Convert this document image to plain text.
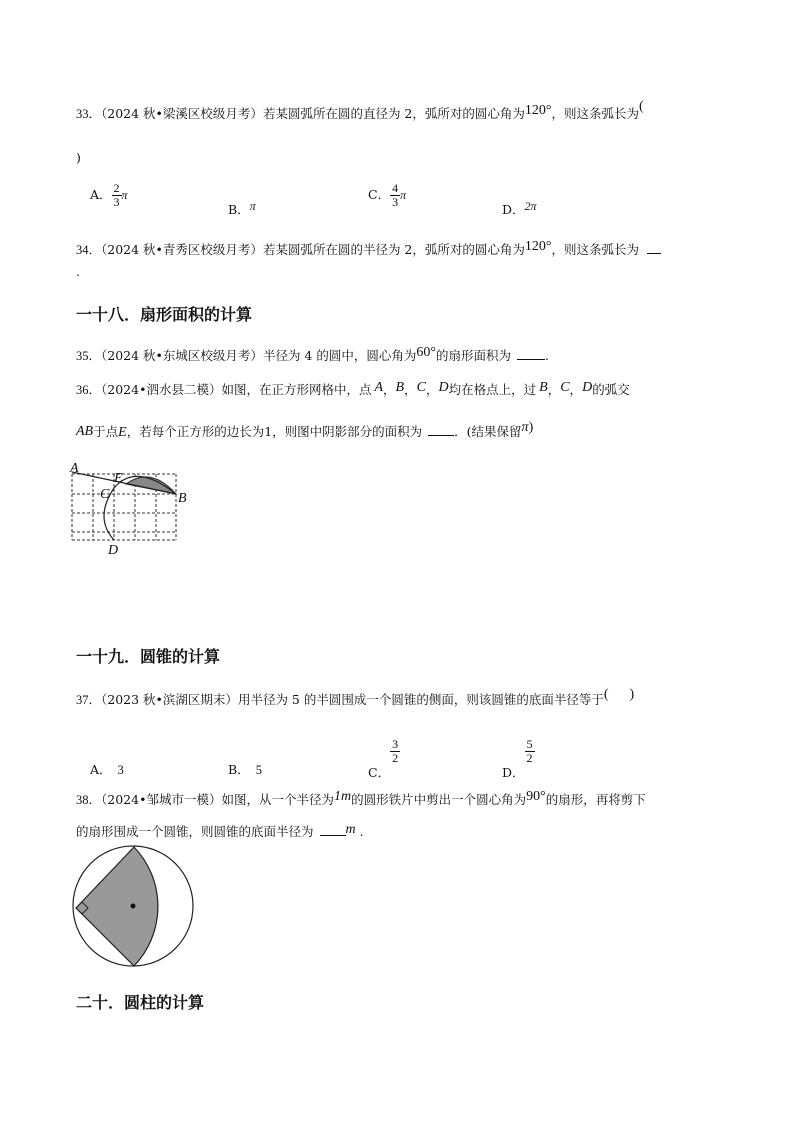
33．（2024 秋•梁溪区校级月考）若某圆弧所在圆的直径为 2，弧所对的圆心角为120°，则这条弧长为(
)
A． $\frac{2}{3}$ π
B．π
C． $\frac{4}{3}$ π
D．2π
34．（2024 秋•青秀区校级月考）若某圆弧所在圆的半径为 2，弧所对的圆心角为120°，则这条弧长为
.
一十八．扇形面积的计算
35．（2024 秋•东城区校级月考）半径为 4 的圆中，圆心角为60°的扇形面积为	.
36．（2024•泗水县二模）如图，在正方形网格中，点 A，B，C，D均在格点上，过 B，C，D的弧交
AB于点E，若每个正方形的边长为1，则图中阴影部分的面积为	．(结果保留π)
A
E
C	B
D
一十九．圆锥的计算
37．（2023 秋•滨湖区期末）用半径为 5 的半圆围成一个圆锥的侧面，则该圆锥的底面半径等于(      )
A． 3	B． 5	C．
$\frac{3}{2}$
D．
$\frac{5}{2}$
38．（2024•邹城市一模）如图，从一个半径为1m的圆形铁片中剪出一个圆心角为90°的扇形，再将剪下
的扇形围成一个圆锥，则圆锥的底面半径为 m .
二十．圆柱的计算
